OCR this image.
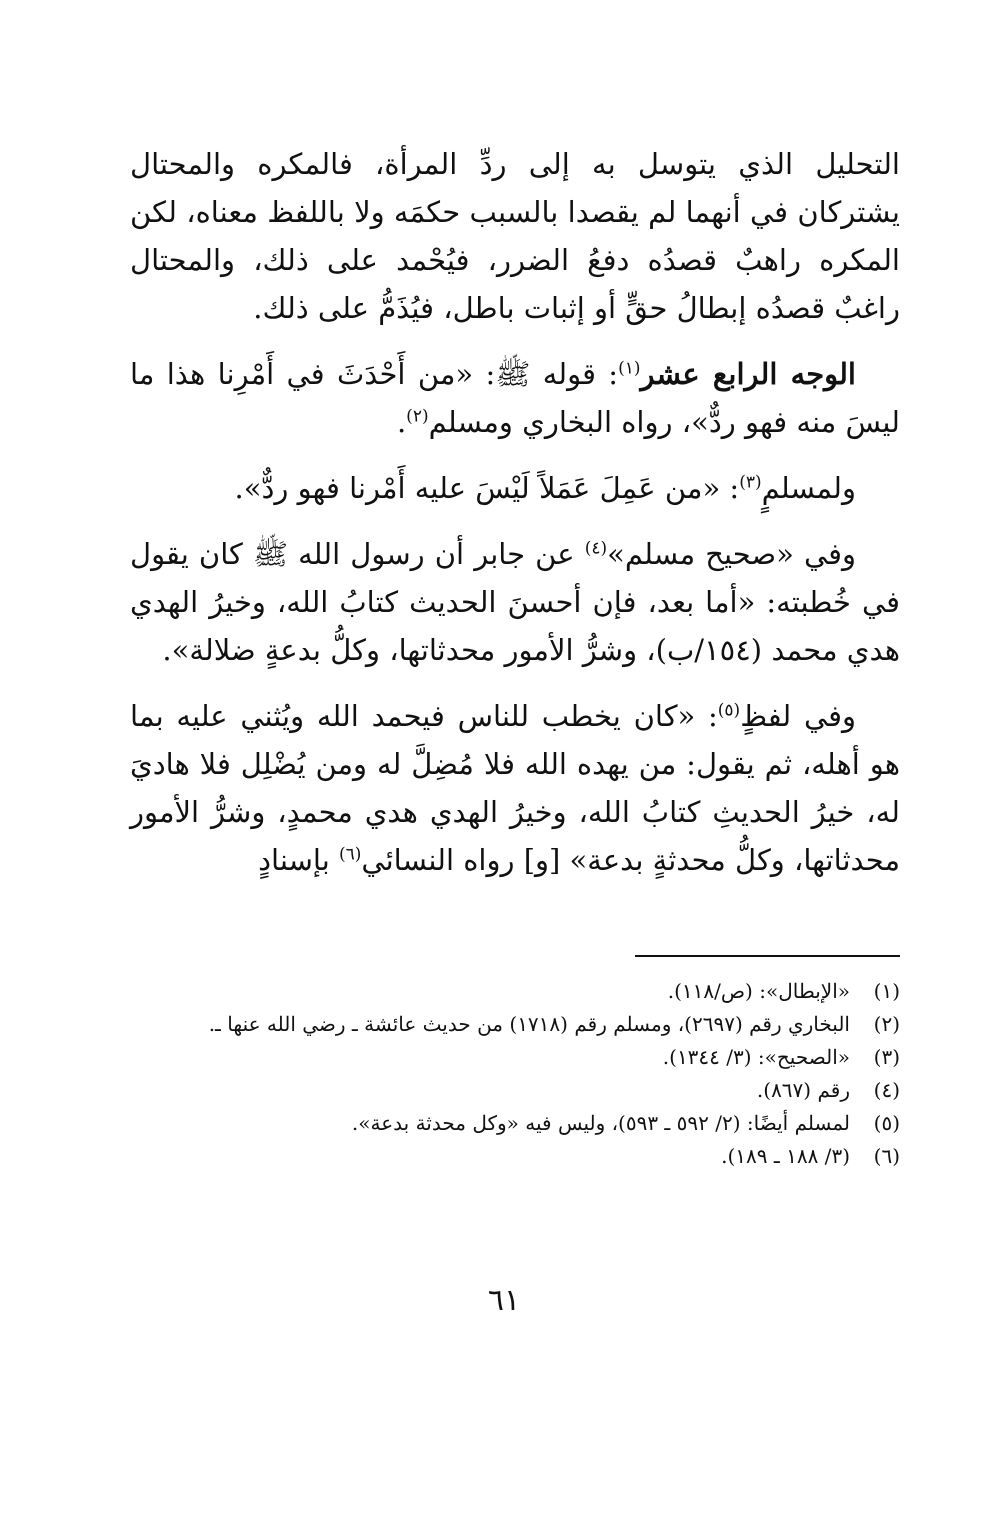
التحليل الذي يتوسل به إلى ردِّ المرأة، فالمكره والمحتال يشتركان في أنهما لم يقصدا بالسبب حكمَه ولا باللفظ معناه، لكن المكره راهبٌ قصدُه دفعُ الضرر، فيُحْمد على ذلك، والمحتال راغبٌ قصدُه إبطالُ حقٍّ أو إثبات باطل، فيُذَمُّ على ذلك.

الوجه الرابع عشر$^{(١)}$: قوله ﷺ: «من أَحْدَثَ في أَمْرِنا هذا ما ليسَ منه فهو ردٌّ»، رواه البخاري ومسلم$^{(٢)}$.

ولمسلمٍ$^{(٣)}$: «من عَمِلَ عَمَلاً لَيْسَ عليه أَمْرنا فهو ردٌّ».

وفي «صحيح مسلم»$^{(٤)}$ عن جابر أن رسول الله ﷺ كان يقول في خُطبته: «أما بعد، فإن أحسنَ الحديث كتابُ الله، وخيرُ الهدي هدي محمد (١٥٤/ب)، وشرُّ الأمور محدثاتها، وكلُّ بدعةٍ ضلالة».

وفي لفظٍ$^{(٥)}$: «كان يخطب للناس فيحمد الله ويُثني عليه بما هو أهله، ثم يقول: من يهده الله فلا مُضِلَّ له ومن يُضْلِل فلا هاديَ له، خيرُ الحديثِ كتابُ الله، وخيرُ الهدي هدي محمدٍ، وشرُّ الأمور محدثاتها، وكلُّ محدثةٍ بدعة» [و] رواه النسائي$^{(٦)}$ بإسنادٍ

(١)
«الإبطال»: (ص/١١٨).
(٢)
البخاري رقم (٢٦٩٧)، ومسلم رقم (١٧١٨) من حديث عائشة ـ رضي الله عنها ـ.
(٣)
«الصحيح»: (٣/ ١٣٤٤).
(٤)
رقم (٨٦٧).
(٥)
لمسلم أيضًا: (٢/ ٥٩٢ ـ ٥٩٣)، وليس فيه «وكل محدثة بدعة».
(٦)
(٣/ ١٨٨ ـ ١٨٩).
٦١
